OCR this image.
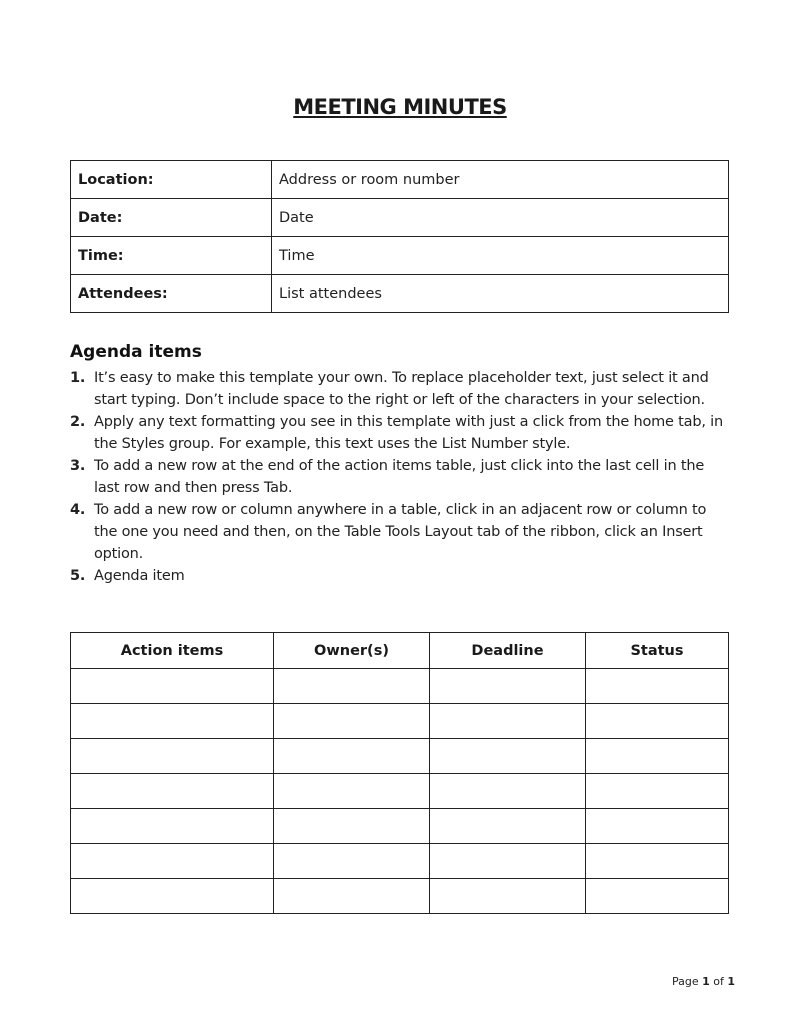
MEETING MINUTES
Location:	Address or room number
Date:	Date
Time:	Time
Attendees:	List attendees
Agenda items
1. It’s easy to make this template your own. To replace placeholder text, just select it and start typing. Don’t include space to the right or left of the characters in your selection.
2. Apply any text formatting you see in this template with just a click from the home tab, in the Styles group. For example, this text uses the List Number style.
3. To add a new row at the end of the action items table, just click into the last cell in the last row and then press Tab.
4. To add a new row or column anywhere in a table, click in an adjacent row or column to the one you need and then, on the Table Tools Layout tab of the ribbon, click an Insert option.
5. Agenda item
Action items	Owner(s)	Deadline	Status

Page 1 of 1
